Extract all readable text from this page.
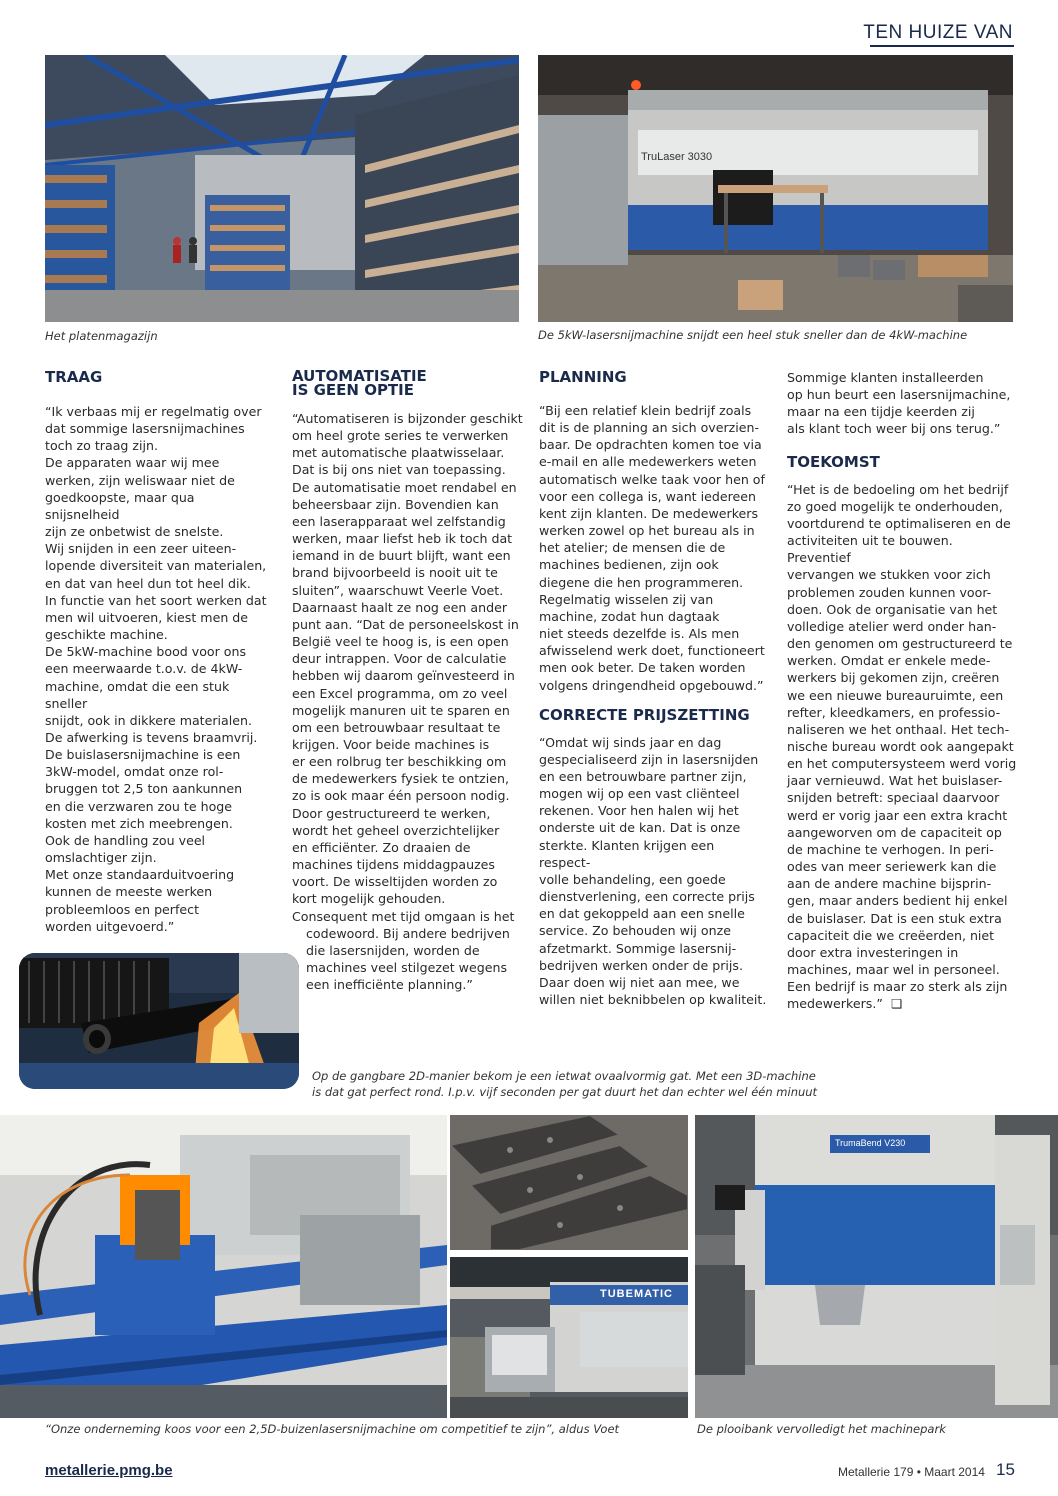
TEN HUIZE VAN
TruLaser 3030
Het platenmagazijn	De 5kW-lasersnijmachine snijdt een heel stuk sneller dan de 4kW-machine

TRAAG

“Ik verbaas mij er regelmatig over
dat sommige lasersnijmachines
toch zo traag zijn.
De apparaten waar wij mee
werken, zijn weliswaar niet de
goedkoopste, maar qua snijsnelheid
zijn ze onbetwist de snelste.
Wij snijden in een zeer uiteen-
lopende diversiteit van materialen,
en dat van heel dun tot heel dik.
In functie van het soort werken dat
men wil uitvoeren, kiest men de
geschikte machine.
De 5kW-machine bood voor ons
een meerwaarde t.o.v. de 4kW-
machine, omdat die een stuk sneller
snijdt, ook in dikkere materialen.
De afwerking is tevens braamvrij.
De buislasersnijmachine is een
3kW-model, omdat onze rol-
bruggen tot 2,5 ton aankunnen
en die verzwaren zou te hoge
kosten met zich meebrengen.
Ook de handling zou veel
omslachtiger zijn.
Met onze standaarduitvoering
kunnen de meeste werken
probleemloos en perfect
worden uitgevoerd.”

AUTOMATISATIE

IS GEEN OPTIE

“Automatiseren is bijzonder geschikt
om heel grote series te verwerken
met automatische plaatwisselaar.
Dat is bij ons niet van toepassing.
De automatisatie moet rendabel en
beheersbaar zijn. Bovendien kan
een laserapparaat wel zelfstandig
werken, maar liefst heb ik toch dat
iemand in de buurt blijft, want een
brand bijvoorbeeld is nooit uit te
sluiten”, waarschuwt Veerle Voet.
Daarnaast haalt ze nog een ander
punt aan. “Dat de personeelskost in
België veel te hoog is, is een open
deur intrappen. Voor de calculatie
hebben wij daarom geïnvesteerd in
een Excel programma, om zo veel
mogelijk manuren uit te sparen en
om een betrouwbaar resultaat te
krijgen. Voor beide machines is
er een rolbrug ter beschikking om
de medewerkers fysiek te ontzien,
zo is ook maar één persoon nodig.
Door gestructureerd te werken,
wordt het geheel overzichtelijker
en efficiënter. Zo draaien de
machines tijdens middagpauzes
voort. De wisseltijden worden zo
kort mogelijk gehouden.
Consequent met tijd omgaan is het
codewoord. Bij andere bedrijven
die lasersnijden, worden de
machines veel stilgezet wegens
een inefficiënte planning.”

PLANNING

“Bij een relatief klein bedrijf zoals
dit is de planning an sich overzien-
baar. De opdrachten komen toe via
e-mail en alle medewerkers weten
automatisch welke taak voor hen of
voor een collega is, want iedereen
kent zijn klanten. De medewerkers
werken zowel op het bureau als in
het atelier; de mensen die de
machines bedienen, zijn ook
diegene die hen programmeren.
Regelmatig wisselen zij van
machine, zodat hun dagtaak
niet steeds dezelfde is. Als men
afwisselend werk doet, functioneert
men ook beter. De taken worden
volgens dringendheid opgebouwd.”

CORRECTE PRIJSZETTING

“Omdat wij sinds jaar en dag
gespecialiseerd zijn in lasersnijden
en een betrouwbare partner zijn,
mogen wij op een vast cliënteel
rekenen. Voor hen halen wij het
onderste uit de kan. Dat is onze
sterkte. Klanten krijgen een respect-
volle behandeling, een goede
dienstverlening, een correcte prijs
en dat gekoppeld aan een snelle
service. Zo behouden wij onze
afzetmarkt. Sommige lasersnij-
bedrijven werken onder de prijs.
Daar doen wij niet aan mee, we
willen niet beknibbelen op kwaliteit.
Sommige klanten installeerden
op hun beurt een lasersnijmachine,
maar na een tijdje keerden zij
als klant toch weer bij ons terug.”

TOEKOMST

“Het is de bedoeling om het bedrijf
zo goed mogelijk te onderhouden,
voortdurend te optimaliseren en de
activiteiten uit te bouwen. Preventief
vervangen we stukken voor zich
problemen zouden kunnen voor-
doen. Ook de organisatie van het
volledige atelier werd onder han-
den genomen om gestructureerd te
werken. Omdat er enkele mede-
werkers bij gekomen zijn, creëren
we een nieuwe bureauruimte, een
refter, kleedkamers, en professio-
naliseren we het onthaal. Het tech-
nische bureau wordt ook aangepakt
en het computersysteem werd vorig
jaar vernieuwd. Wat het buislaser-
snijden betreft: speciaal daarvoor
werd er vorig jaar een extra kracht
aangeworven om de capaciteit op
de machine te verhogen. In peri-
odes van meer seriewerk kan die
aan de andere machine bijsprin-
gen, maar anders bedient hij enkel
de buislaser. Dat is een stuk extra
capaciteit die we creëerden, niet
door extra investeringen in
machines, maar wel in personeel.
Een bedrijf is maar zo sterk als zijn
medewerkers.” ❑
Op de gangbare 2D-manier bekom je een ietwat ovaalvormig gat. Met een 3D-machine
is dat gat perfect rond. I.p.v. vijf seconden per gat duurt het dan echter wel één minuut
TUBEMATIC
TrumaBend V230
“Onze onderneming koos voor een 2,5D-buizenlasersnijmachine om competitief te zijn”, aldus Voet	De plooibank vervolledigt het machinepark
metallerie.pmg.be	Metallerie 179 • Maart 2014 15
